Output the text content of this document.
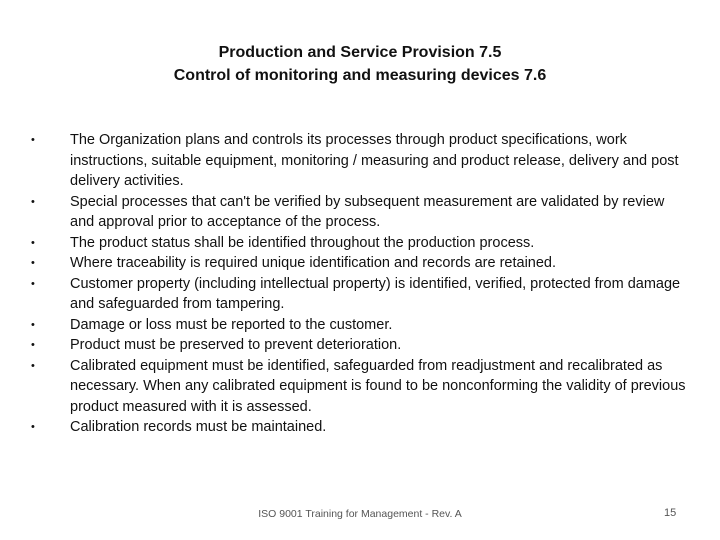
Production and Service Provision 7.5
Control of monitoring and measuring devices 7.6
• The Organization plans and controls its processes through product specifications, work instructions, suitable equipment, monitoring / measuring and product release, delivery and post delivery activities.
• Special processes that can't be verified by subsequent measurement are validated by review and approval prior to acceptance of the process.
• The product status shall be identified throughout the production process.
• Where traceability is required unique identification and records are retained.
• Customer property (including intellectual property) is identified, verified, protected from damage and safeguarded from tampering.
• Damage or loss must be reported to the customer.
• Product must be preserved to prevent deterioration.
• Calibrated equipment must be identified, safeguarded from readjustment and recalibrated as necessary. When any calibrated equipment is found to be nonconforming the validity of previous product measured with it is assessed.
• Calibration records must be maintained.
ISO 9001 Training for Management - Rev. A	15
